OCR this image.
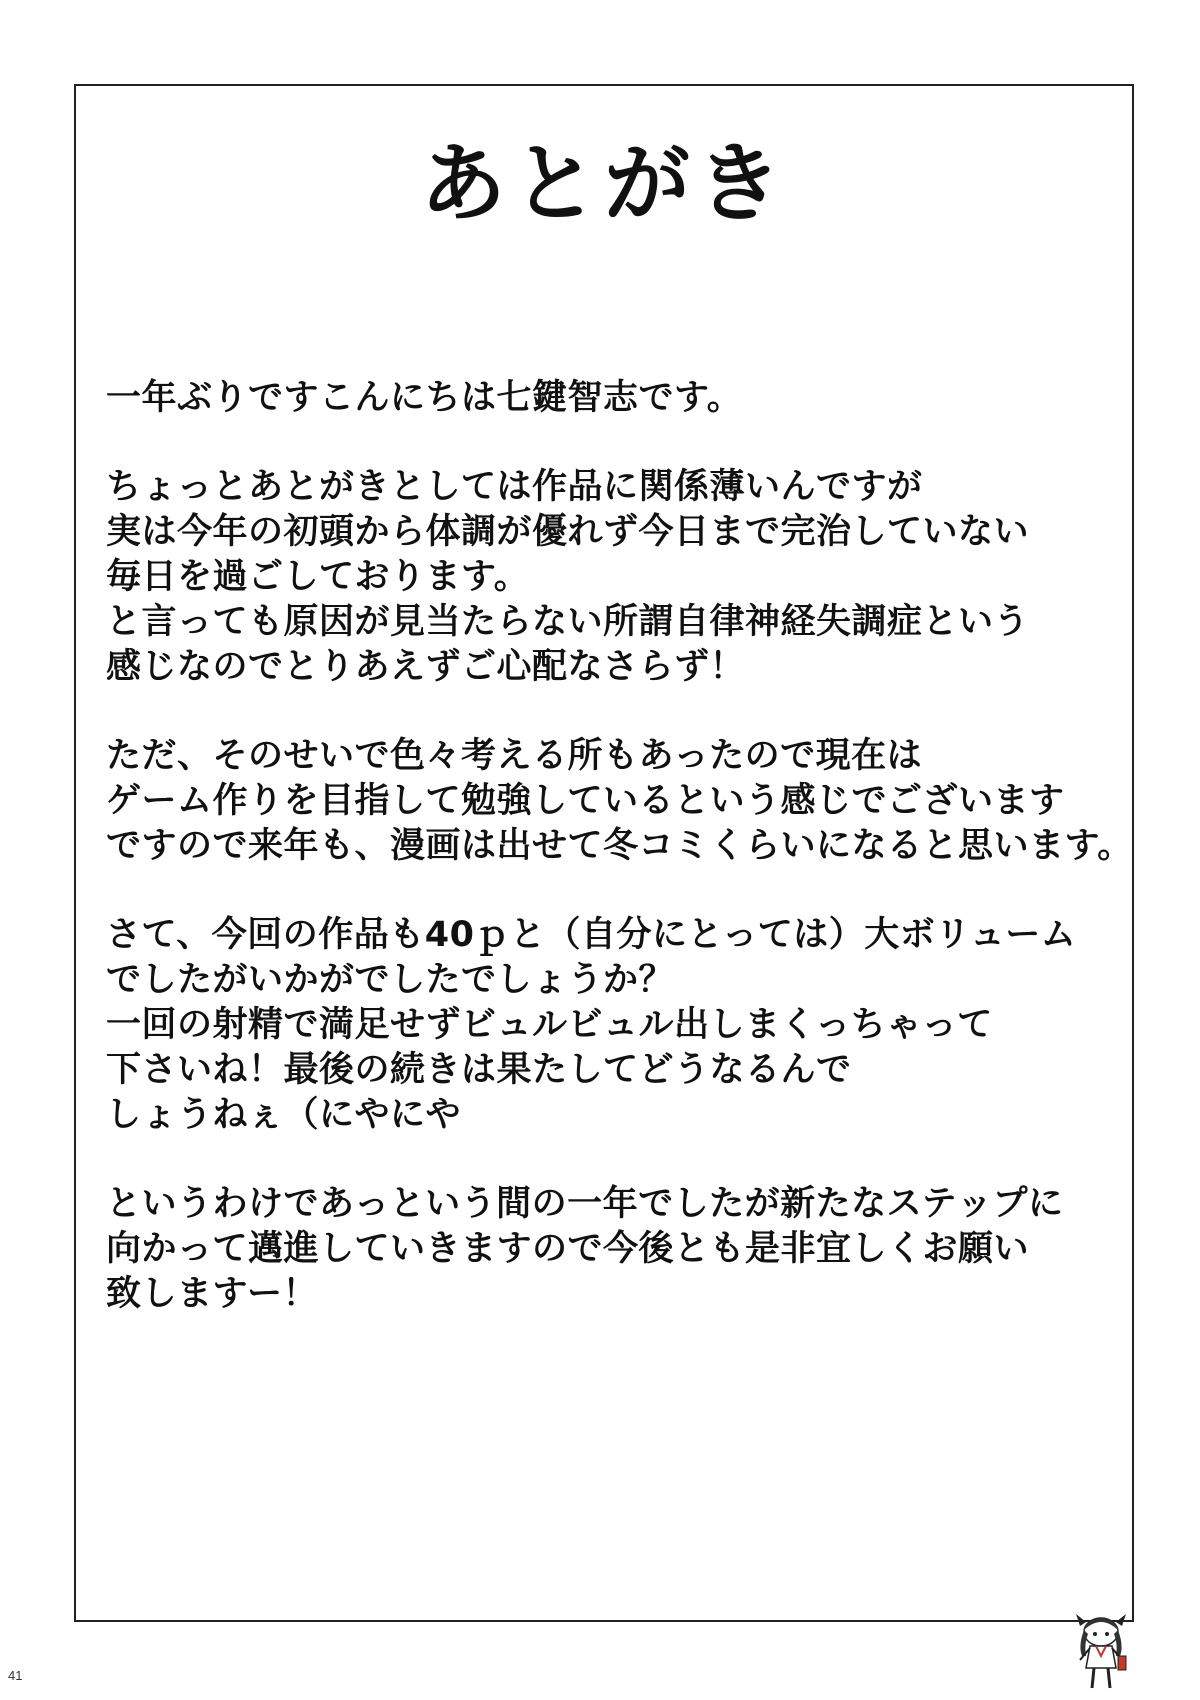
あとがき
一年ぶりですこんにちは七鍵智志です。
ちょっとあとがきとしては作品に関係薄いんですが
実は今年の初頭から体調が優れず今日まで完治していない
毎日を過ごしております。
と言っても原因が見当たらない所謂自律神経失調症という
感じなのでとりあえずご心配なさらず！
ただ、そのせいで色々考える所もあったので現在は
ゲーム作りを目指して勉強しているという感じでございます
ですので来年も、漫画は出せて冬コミくらいになると思います。
さて、今回の作品も40ｐと（自分にとっては）大ボリューム
でしたがいかがでしたでしょうか？
一回の射精で満足せずビュルビュル出しまくっちゃって
下さいね！最後の続きは果たしてどうなるんで
しょうねぇ（にやにや
というわけであっという間の一年でしたが新たなステップに
向かって邁進していきますので今後とも是非宜しくお願い
致しますー！
41
